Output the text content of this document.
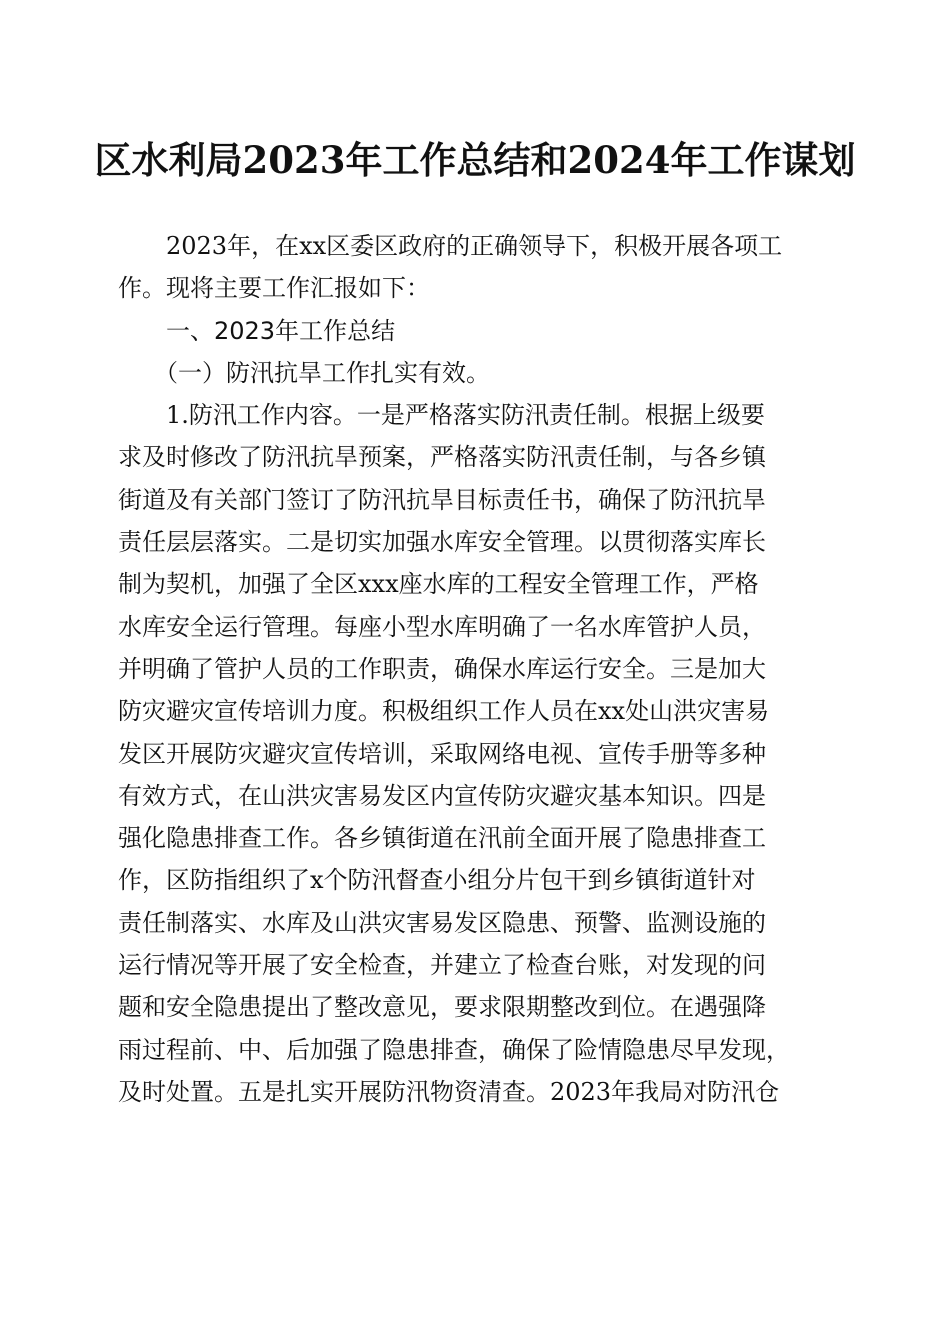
区水利局2023年工作总结和2024年工作谋划

2023年，在xx区委区政府的正确领导下，积极开展各项工

作。现将主要工作汇报如下：

一、2023年工作总结

（一）防汛抗旱工作扎实有效。

1.防汛工作内容。一是严格落实防汛责任制。根据上级要

求及时修改了防汛抗旱预案，严格落实防汛责任制，与各乡镇
街道及有关部门签订了防汛抗旱目标责任书，确保了防汛抗旱
责任层层落实。二是切实加强水库安全管理。以贯彻落实库长
制为契机，加强了全区xxx座水库的工程安全管理工作，严格
水库安全运行管理。每座小型水库明确了一名水库管护人员，
并明确了管护人员的工作职责，确保水库运行安全。三是加大
防灾避灾宣传培训力度。积极组织工作人员在xx处山洪灾害易
发区开展防灾避灾宣传培训，采取网络电视、宣传手册等多种
有效方式，在山洪灾害易发区内宣传防灾避灾基本知识。四是
强化隐患排查工作。各乡镇街道在汛前全面开展了隐患排查工
作，区防指组织了x个防汛督查小组分片包干到乡镇街道针对
责任制落实、水库及山洪灾害易发区隐患、预警、监测设施的
运行情况等开展了安全检查，并建立了检查台账，对发现的问
题和安全隐患提出了整改意见，要求限期整改到位。在遇强降
雨过程前、中、后加强了隐患排查，确保了险情隐患尽早发现，
及时处置。五是扎实开展防汛物资清查。2023年我局对防汛仓
